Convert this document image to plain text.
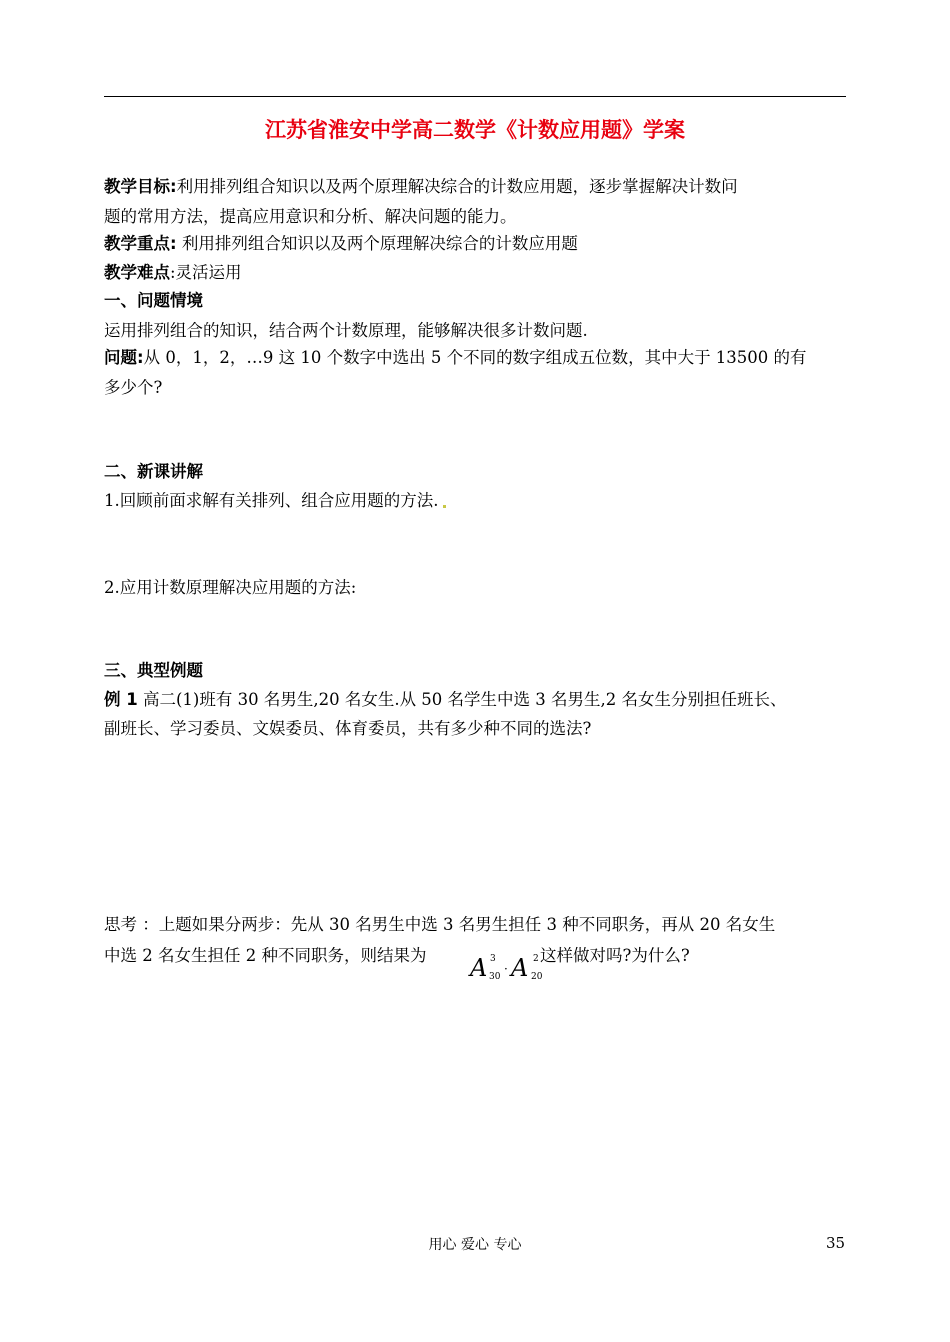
江苏省淮安中学高二数学《计数应用题》学案
教学目标:利用排列组合知识以及两个原理解决综合的计数应用题，逐步掌握解决计数问
题的常用方法，提高应用意识和分析、解决问题的能力。
教学重点: 利用排列组合知识以及两个原理解决综合的计数应用题
教学难点:灵活运用
一、问题情境
运用排列组合的知识，结合两个计数原理，能够解决很多计数问题.
问题:从 0，1，2，…9 这 10 个数字中选出 5 个不同的数字组成五位数，其中大于 13500 的有
多少个?
二、新课讲解
1.回顾前面求解有关排列、组合应用题的方法.
2.应用计数原理解决应用题的方法:
三、典型例题
例 1 高二(1)班有 30 名男生,20 名女生.从 50 名学生中选 3 名男生,2 名女生分别担任班长、
副班长、学习委员、文娱委员、体育委员，共有多少种不同的选法?
思考 ：上题如果分两步：先从 30 名男生中选 3 名男生担任 3 种不同职务，再从 20 名女生
中选 2 名女生担任 2 种不同职务，则结果为 A 3
30
· A 2
20
这样做对吗?为什么?
用心 爱心 专心	35
